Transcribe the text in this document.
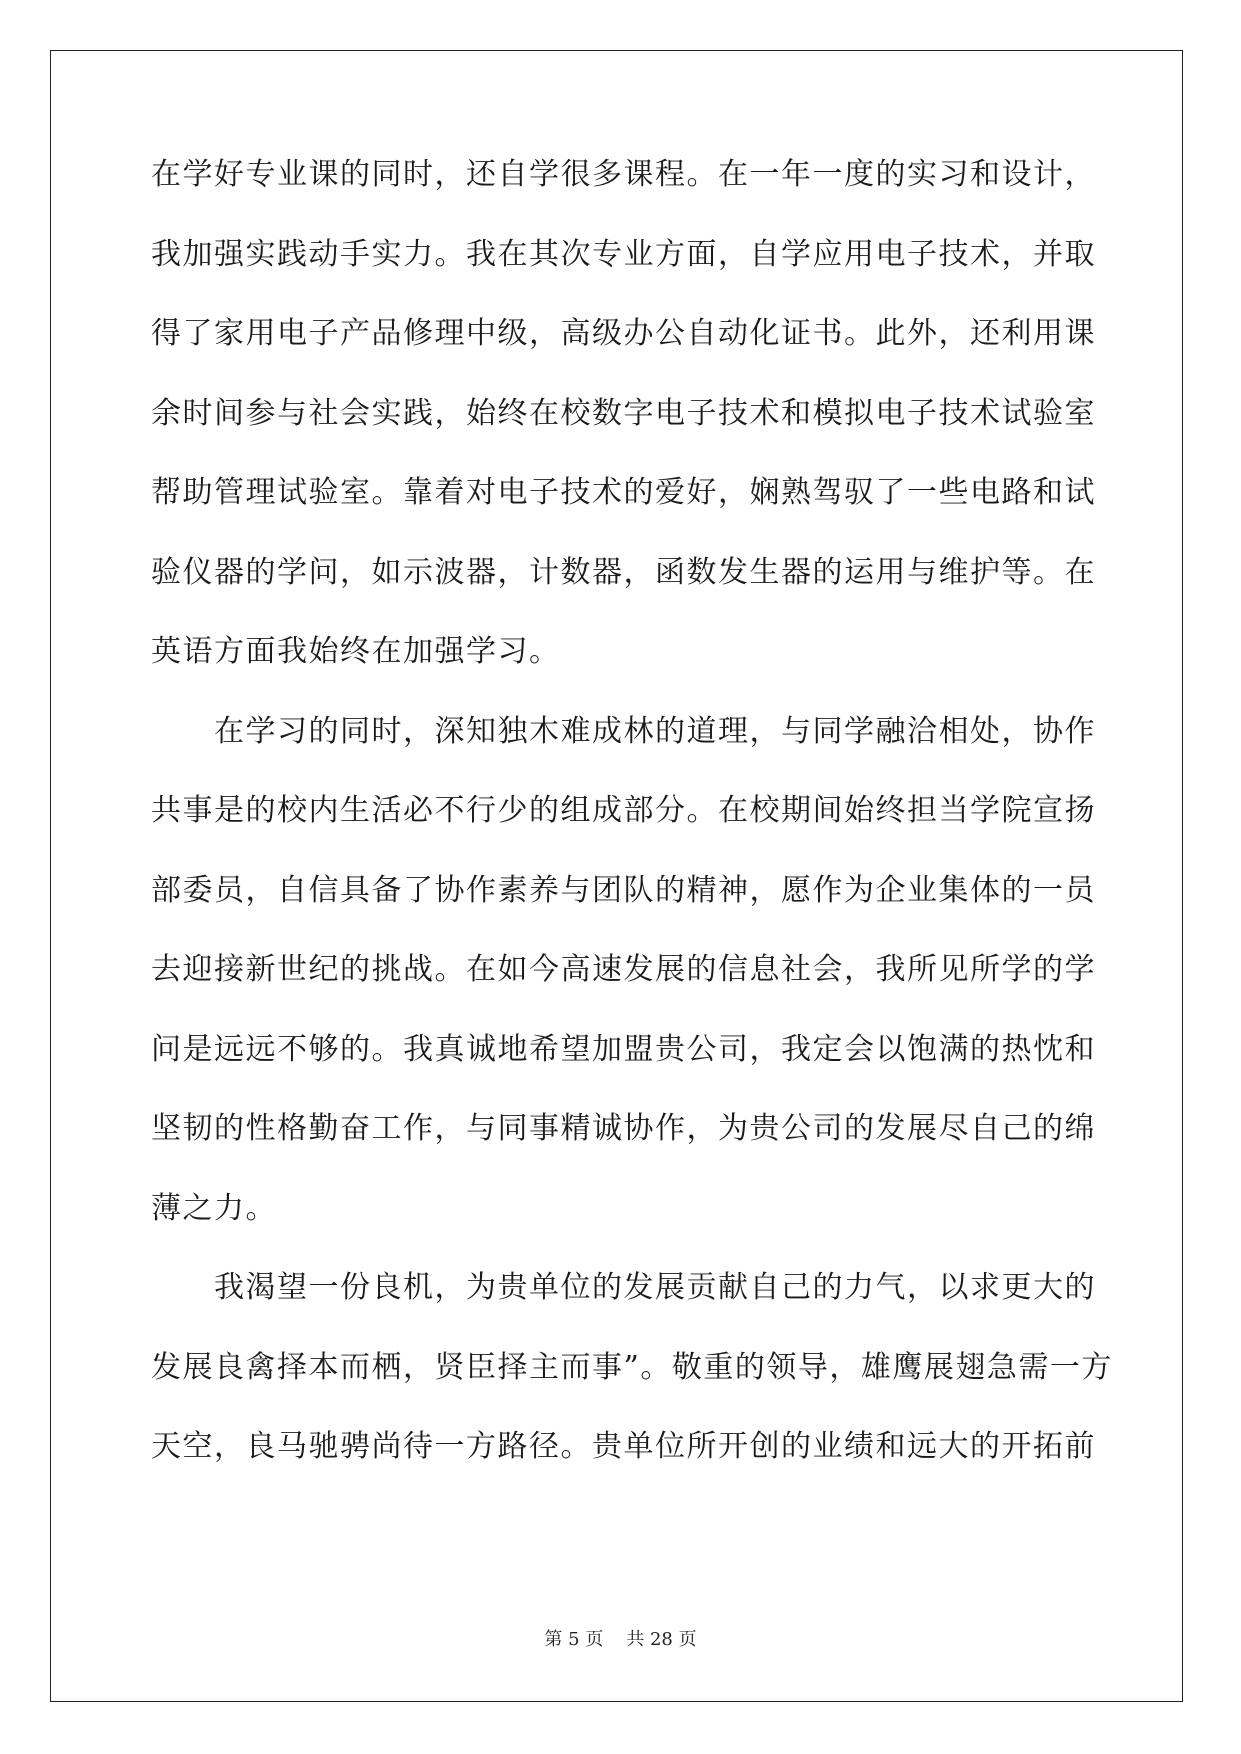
在学好专业课的同时，还自学很多课程。在一年一度的实习和设计，
我加强实践动手实力。我在其次专业方面，自学应用电子技术，并取
得了家用电子产品修理中级，高级办公自动化证书。此外，还利用课
余时间参与社会实践，始终在校数字电子技术和模拟电子技术试验室
帮助管理试验室。靠着对电子技术的爱好，娴熟驾驭了一些电路和试
验仪器的学问，如示波器，计数器，函数发生器的运用与维护等。在
英语方面我始终在加强学习。
　　在学习的同时，深知独木难成林的道理，与同学融洽相处，协作
共事是的校内生活必不行少的组成部分。在校期间始终担当学院宣扬
部委员，自信具备了协作素养与团队的精神，愿作为企业集体的一员
去迎接新世纪的挑战。在如今高速发展的信息社会，我所见所学的学
问是远远不够的。我真诚地希望加盟贵公司，我定会以饱满的热忱和
坚韧的性格勤奋工作，与同事精诚协作，为贵公司的发展尽自己的绵
薄之力。
　　我渴望一份良机，为贵单位的发展贡献自己的力气，以求更大的
发展良禽择本而栖，贤臣择主而事”。敬重的领导，雄鹰展翅急需一方
天空，良马驰骋尚待一方路径。贵单位所开创的业绩和远大的开拓前
第 5 页 共 28 页
